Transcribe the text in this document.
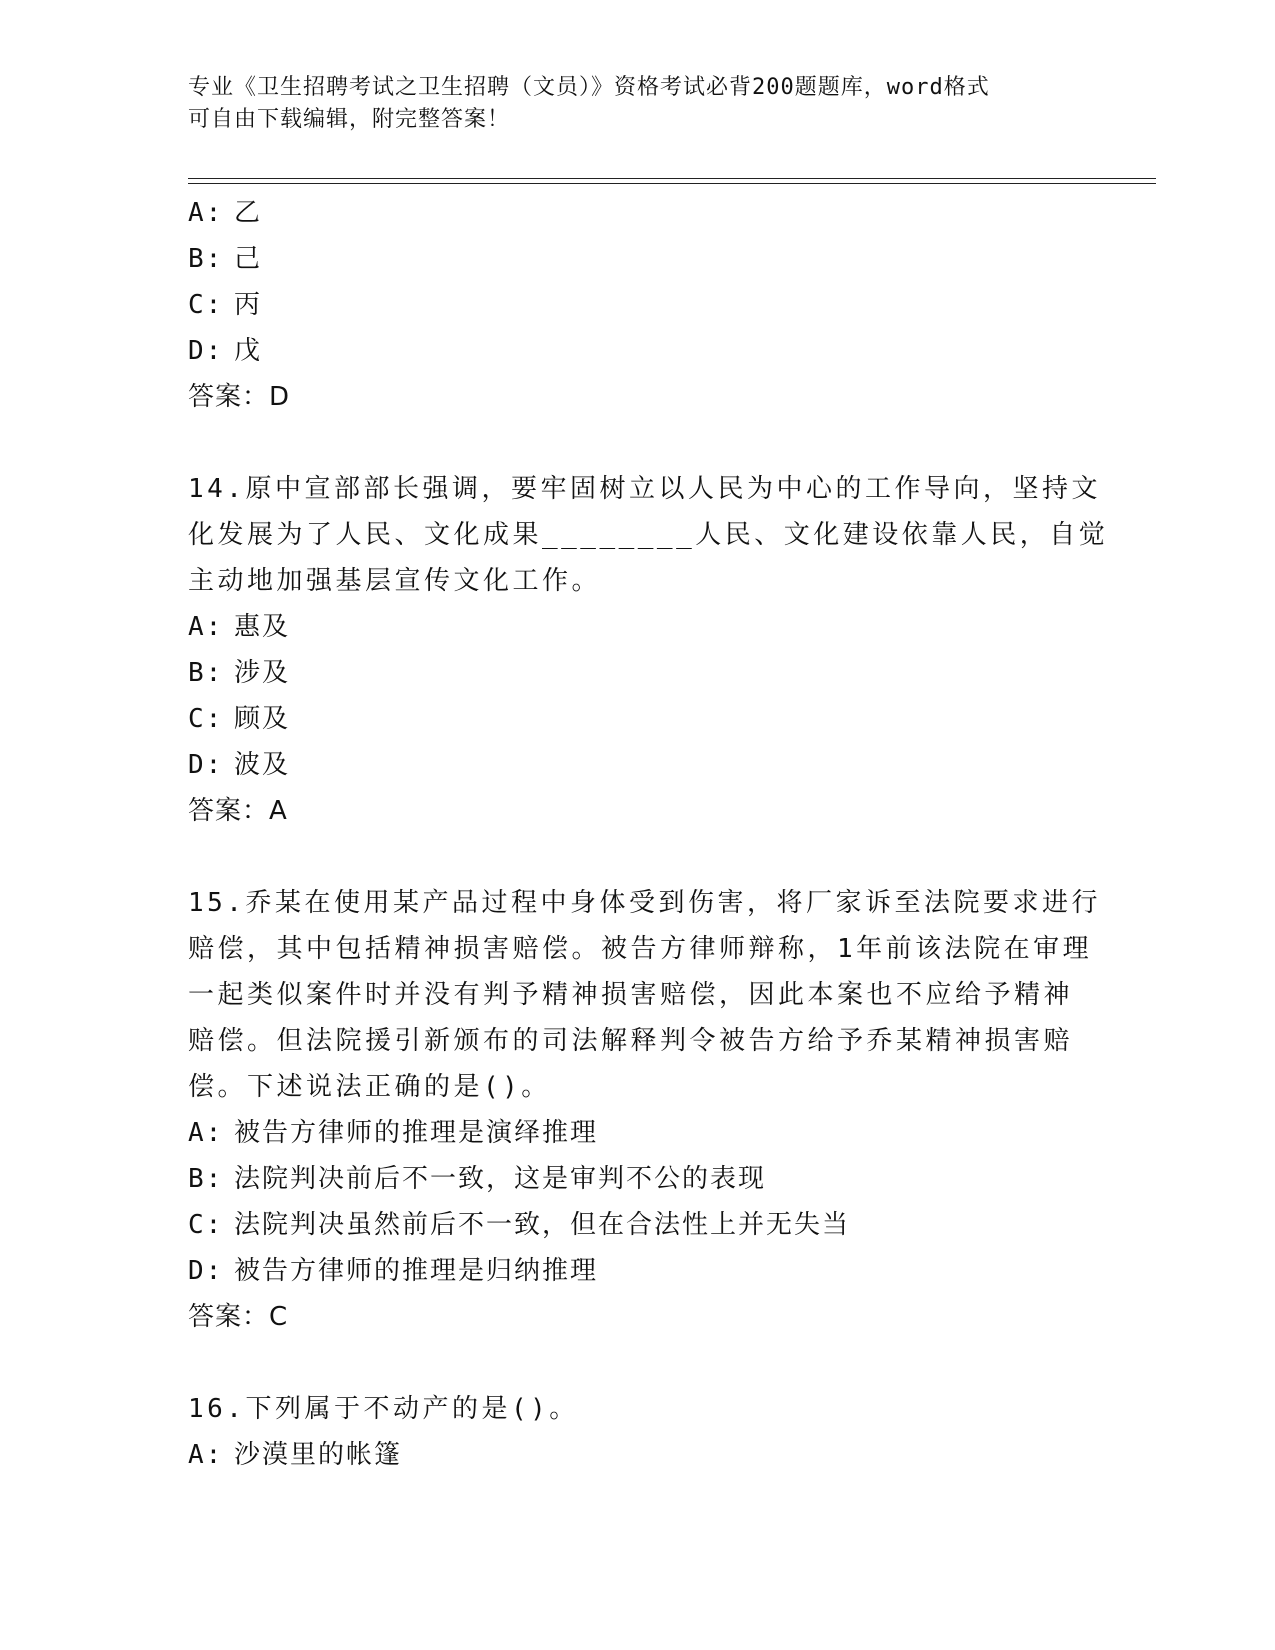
专业《卫生招聘考试之卫生招聘（文员）》资格考试必背200题题库，word格式
可自由下载编辑，附完整答案！
A: 乙
B: 己
C: 丙
D: 戊
答案：D
14.原中宣部部长强调，要牢固树立以人民为中心的工作导向，坚持文
化发展为了人民、文化成果________人民、文化建设依靠人民，自觉
主动地加强基层宣传文化工作。
A: 惠及
B: 涉及
C: 顾及
D: 波及
答案：A
15.乔某在使用某产品过程中身体受到伤害，将厂家诉至法院要求进行
赔偿，其中包括精神损害赔偿。被告方律师辩称，1年前该法院在审理
一起类似案件时并没有判予精神损害赔偿，因此本案也不应给予精神
赔偿。但法院援引新颁布的司法解释判令被告方给予乔某精神损害赔
偿。下述说法正确的是()。
A: 被告方律师的推理是演绎推理
B: 法院判决前后不一致，这是审判不公的表现
C: 法院判决虽然前后不一致，但在合法性上并无失当
D: 被告方律师的推理是归纳推理
答案：C
16.下列属于不动产的是()。
A: 沙漠里的帐篷
